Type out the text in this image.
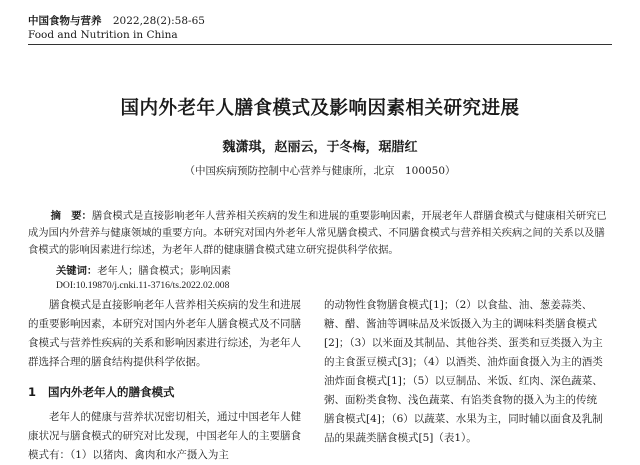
中国食物与营养 2022,28(2):58-65
Food and Nutrition in China
国内外老年人膳食模式及影响因素相关研究进展
魏潇琪，赵丽云，于冬梅，琚腊红
（中国疾病预防控制中心营养与健康所，北京　100050）

摘　要：膳食模式是直接影响老年人营养相关疾病的发生和进展的重要影响因素，开展老年人群膳食模式与健康相关研究已成为国内外营养与健康领域的重要方向。本研究对国内外老年人常见膳食模式、不同膳食模式与营养相关疾病之间的关系以及膳食模式的影响因素进行综述，为老年人群的健康膳食模式建立研究提供科学依据。

关键词：老年人；膳食模式；影响因素
DOI:10.19870/j.cnki.11-3716/ts.2022.02.008

膳食模式是直接影响老年人营养相关疾病的发生和进展的重要影响因素，本研究对国内外老年人膳食模式及不同膳食模式与营养性疾病的关系和影响因素进行综述，为老年人群选择合理的膳食结构提供科学依据。

1 国内外老年人的膳食模式

老年人的健康与营养状况密切相关，通过中国老年人健康状况与膳食模式的研究对比发现，中国老年人的主要膳食模式有：（1）以猪肉、禽肉和水产摄入为主

的动物性食物膳食模式[1]；（2）以食盐、油、葱姜蒜类、糖、醋、酱油等调味品及米饭摄入为主的调味料类膳食模式[2]；（3）以米面及其制品、其他谷类、蛋类和豆类摄入为主的主食蛋豆模式[3]；（4）以酒类、油炸面食摄入为主的酒类油炸面食模式[1]；（5）以豆制品、米饭、红肉、深色蔬菜、粥、面粉类食物、浅色蔬菜、有馅类食物的摄入为主的传统膳食模式[4]；（6）以蔬菜、水果为主，同时辅以面食及乳制品的果蔬类膳食模式[5]（表1）。
